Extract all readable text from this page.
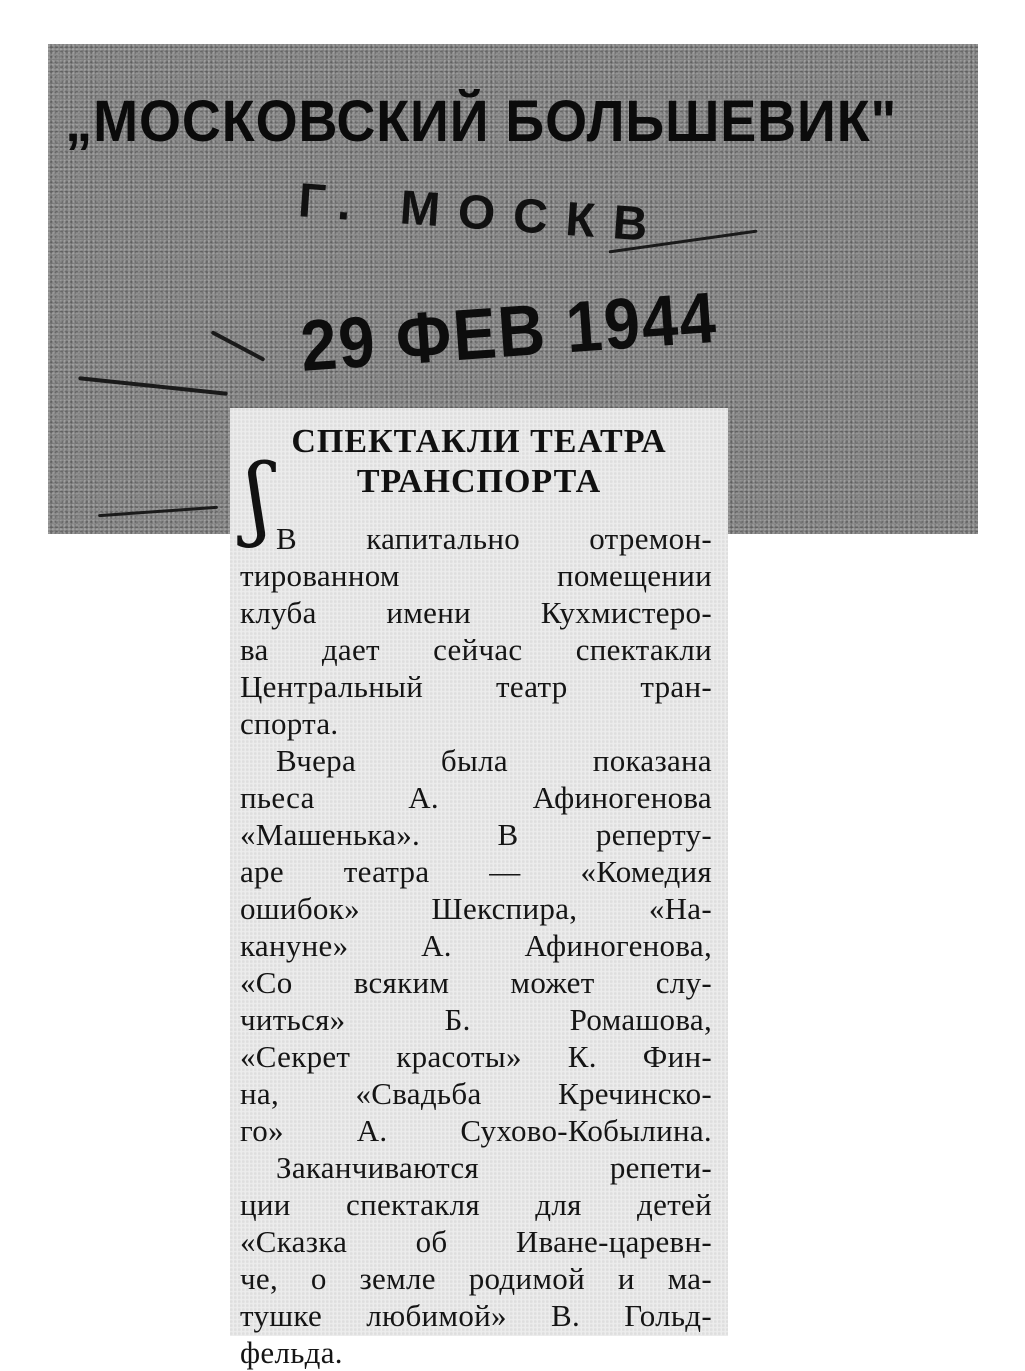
„МОСКОВСКИЙ БОЛЬШЕВИК"
Г. МОСКВ
29 ФЕВ 1944
ʃ
СПЕКТАКЛИ ТЕАТРА
ТРАНСПОРТА
В капитально отремон-
тированном помещении
клуба имени Кухмистеро-
ва дает сейчас спектакли
Центральный театр тран-
спорта.
Вчера была показана
пьеса А. Афиногенова
«Машенька». В реперту-
аре театра — «Комедия
ошибок» Шекспира, «На-
кануне» А. Афиногенова,
«Со всяким может слу-
читься» Б. Ромашова,
«Секрет красоты» К. Фин-
на, «Свадьба Кречинско-
го» А. Сухово-Кобылина.
Заканчиваются репети-
ции спектакля для детей
«Сказка об Иване-царевн-
че, о земле родимой и ма-
тушке любимой» В. Гольд-
фельда.
